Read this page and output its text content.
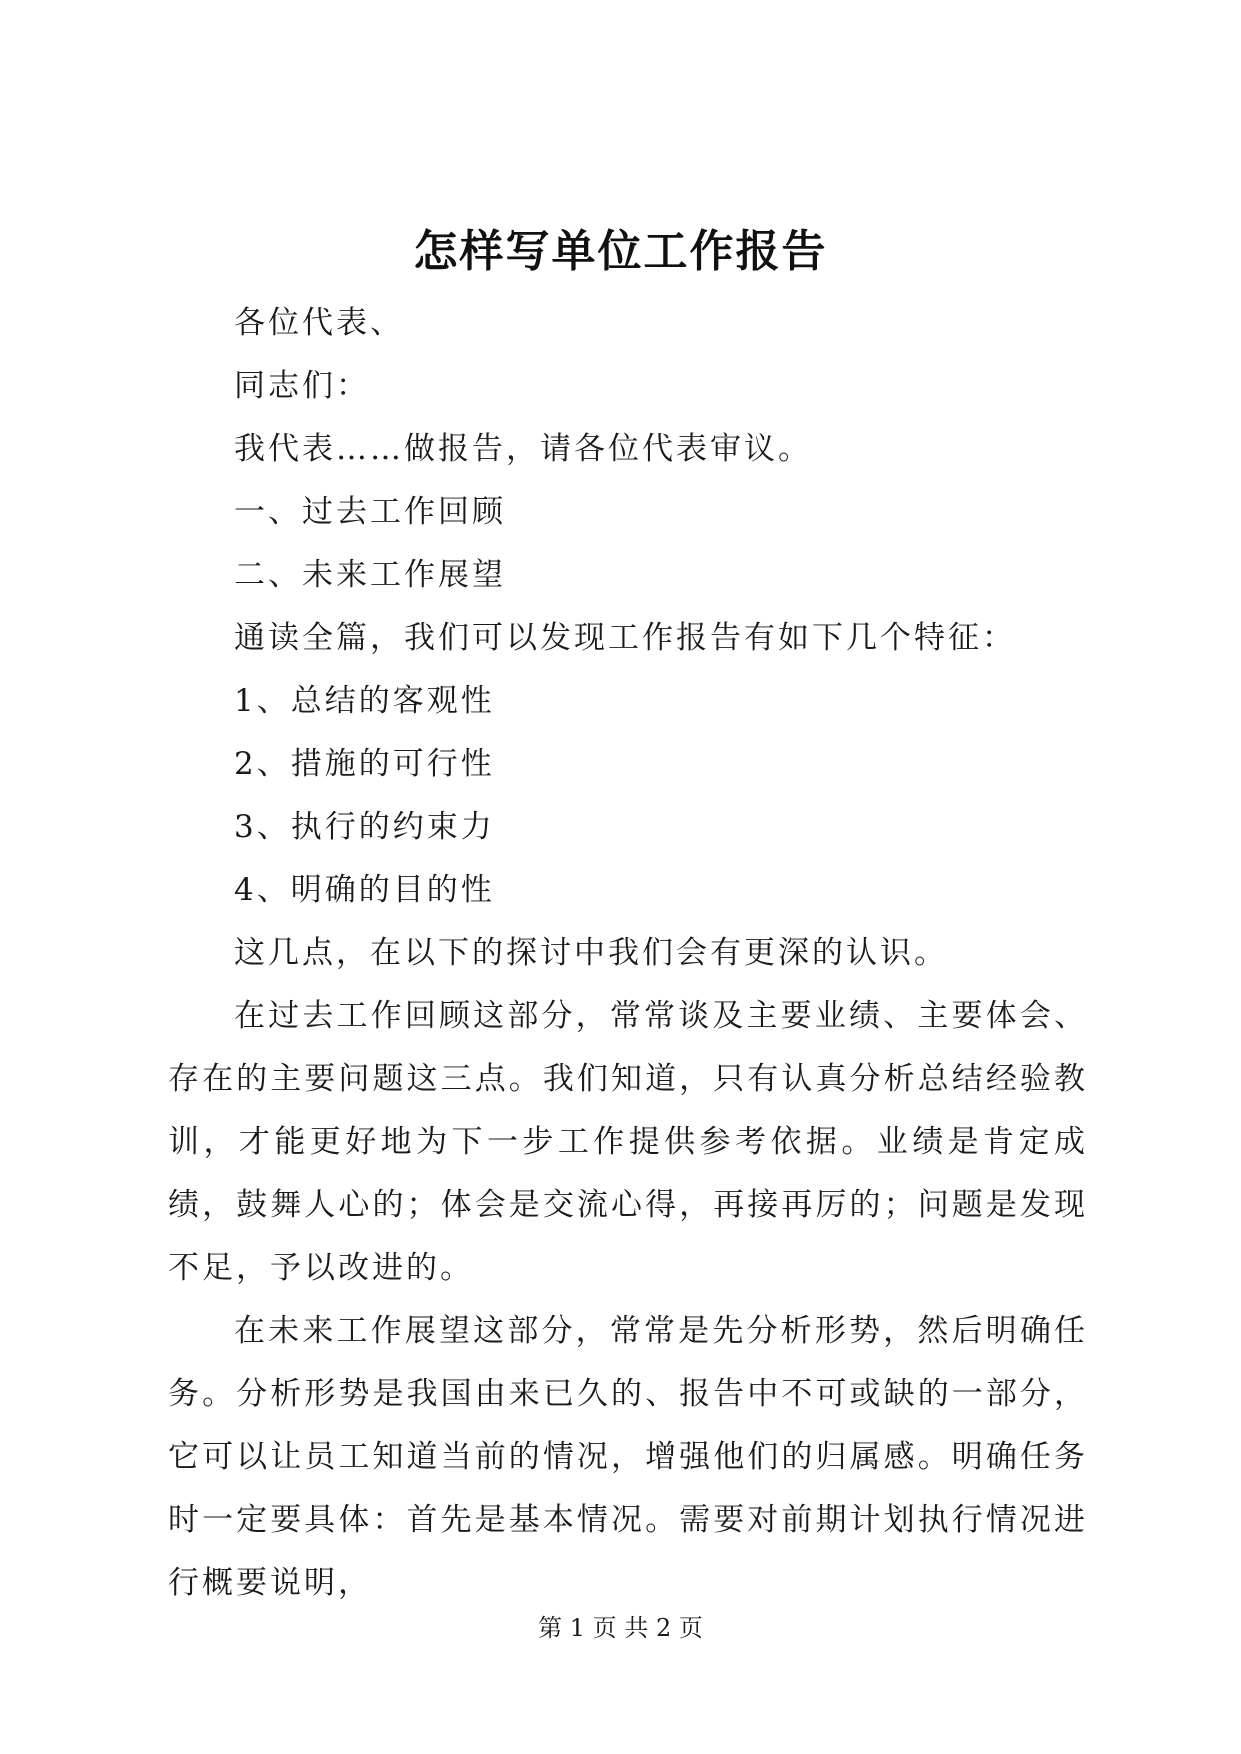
怎样写单位工作报告

各位代表、

同志们：

我代表……做报告，请各位代表审议。

一、过去工作回顾

二、未来工作展望

通读全篇，我们可以发现工作报告有如下几个特征：

1、总结的客观性

2、措施的可行性

3、执行的约束力

4、明确的目的性

这几点，在以下的探讨中我们会有更深的认识。

在过去工作回顾这部分，常常谈及主要业绩、主要体会、存在的主要问题这三点。我们知道，只有认真分析总结经验教训，才能更好地为下一步工作提供参考依据。业绩是肯定成绩，鼓舞人心的；体会是交流心得，再接再厉的；问题是发现不足，予以改进的。

在未来工作展望这部分，常常是先分析形势，然后明确任务。分析形势是我国由来已久的、报告中不可或缺的一部分，它可以让员工知道当前的情况，增强他们的归属感。明确任务时一定要具体：首先是基本情况。需要对前期计划执行情况进行概要说明，

第 1 页 共 2 页
